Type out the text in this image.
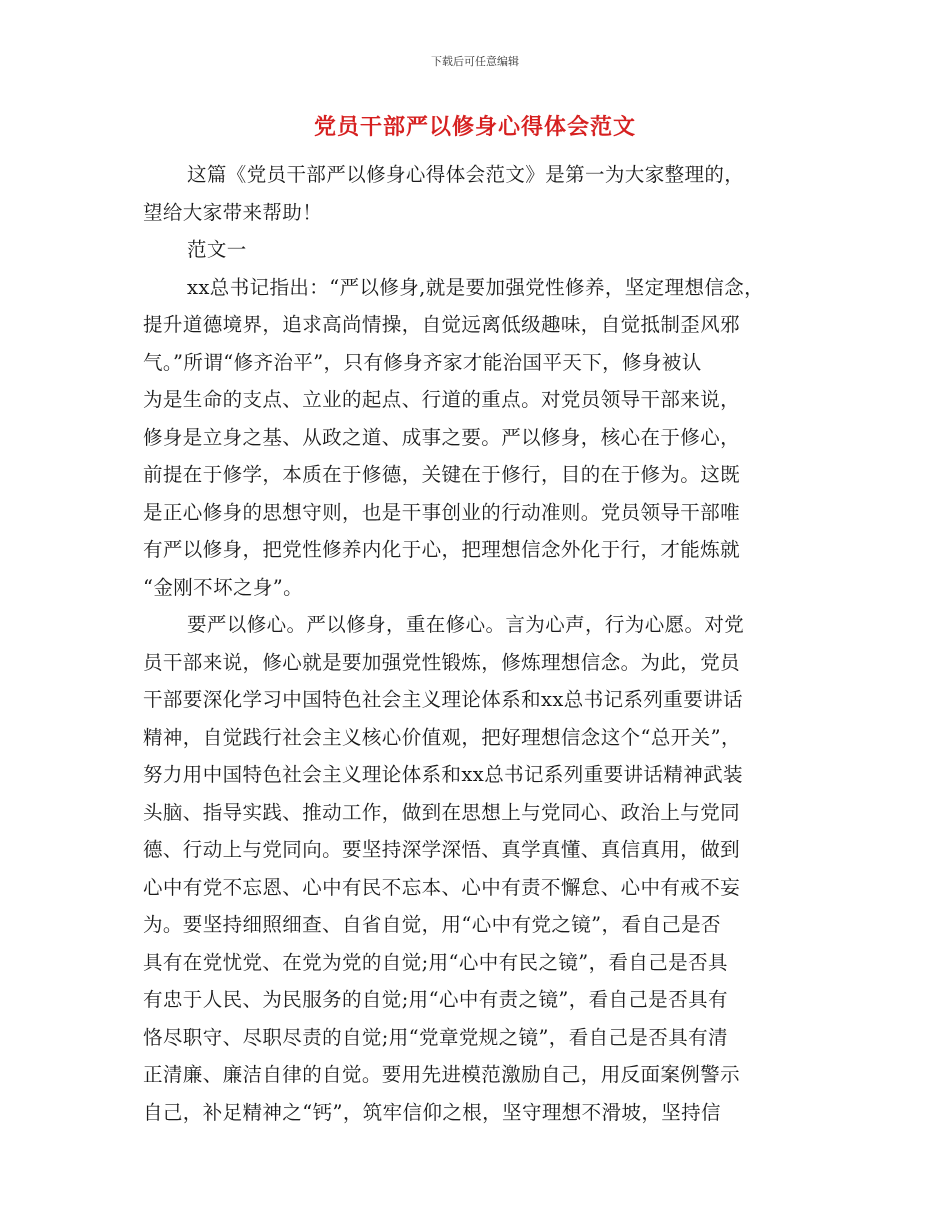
下载后可任意编辑
党员干部严以修身心得体会范文
这篇《党员干部严以修身心得体会范文》是第一为大家整理的，
望给大家带来帮助！
范文一
xx总书记指出：“严以修身,就是要加强党性修养，坚定理想信念，
提升道德境界，追求高尚情操，自觉远离低级趣味，自觉抵制歪风邪
气。”所谓“修齐治平”，只有修身齐家才能治国平天下，修身被认
为是生命的支点、立业的起点、行道的重点。对党员领导干部来说，
修身是立身之基、从政之道、成事之要。严以修身，核心在于修心，
前提在于修学，本质在于修德，关键在于修行，目的在于修为。这既
是正心修身的思想守则，也是干事创业的行动准则。党员领导干部唯
有严以修身，把党性修养内化于心，把理想信念外化于行，才能炼就
“金刚不坏之身”。
要严以修心。严以修身，重在修心。言为心声，行为心愿。对党
员干部来说，修心就是要加强党性锻炼，修炼理想信念。为此，党员
干部要深化学习中国特色社会主义理论体系和xx总书记系列重要讲话
精神，自觉践行社会主义核心价值观，把好理想信念这个“总开关”，
努力用中国特色社会主义理论体系和xx总书记系列重要讲话精神武装
头脑、指导实践、推动工作，做到在思想上与党同心、政治上与党同
德、行动上与党同向。要坚持深学深悟、真学真懂、真信真用，做到
心中有党不忘恩、心中有民不忘本、心中有责不懈怠、心中有戒不妄
为。要坚持细照细查、自省自觉，用“心中有党之镜”，看自己是否
具有在党忧党、在党为党的自觉;用“心中有民之镜”，看自己是否具
有忠于人民、为民服务的自觉;用“心中有责之镜”，看自己是否具有
恪尽职守、尽职尽责的自觉;用“党章党规之镜”，看自己是否具有清
正清廉、廉洁自律的自觉。要用先进模范激励自己，用反面案例警示
自己，补足精神之“钙”，筑牢信仰之根，坚守理想不滑坡，坚持信
